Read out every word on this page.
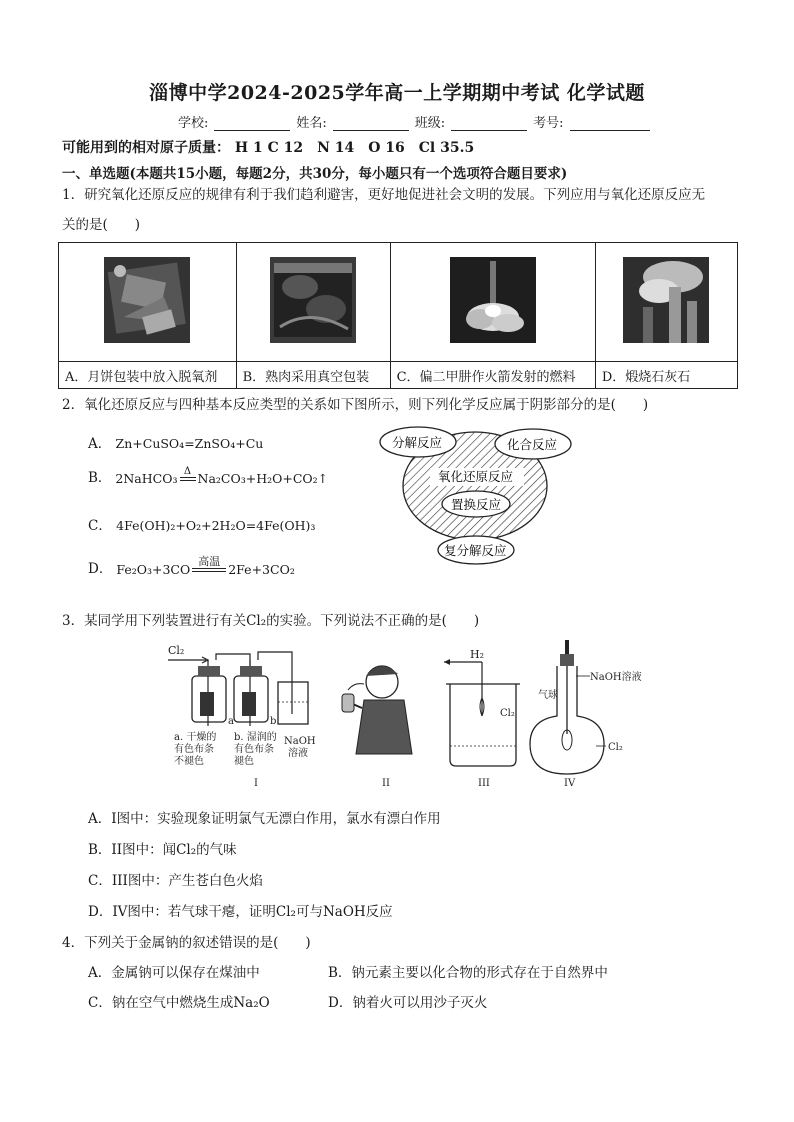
淄博中学2024-2025学年高一上学期期中考试 化学试题
学校:	姓名:	班级:	考号:
可能用到的相对原子质量： H 1 C 12　N 14　O 16　Cl 35.5
一、单选题(本题共15小题，每题2分，共30分，每小题只有一个选项符合题目要求)
1．研究氧化还原反应的规律有利于我们趋利避害，更好地促进社会文明的发展。下列应用与氧化还原反应无
关的是(　　)

A．月饼包装中放入脱氧剂	B．熟肉采用真空包装	C．偏二甲肼作火箭发射的燃料	D．煅烧石灰石
2．氧化还原反应与四种基本反应类型的关系如下图所示，则下列化学反应属于阴影部分的是(　　)
A． Zn+CuSO₄=ZnSO₄+Cu
B． 2NaHCO₃ Δ Na₂CO₃+H₂O+CO₂↑
C． 4Fe(OH)₂+O₂+2H₂O=4Fe(OH)₃
D． Fe₂O₃+3CO
高温
2Fe+3CO₂
分解反应	化合反应
氧化还原反应
置换反应
复分解反应
3．某同学用下列装置进行有关Cl₂的实验。下列说法不正确的是(　　)
Cl₂
a	b
a. 干燥的
有色布条
不褪色
b. 湿润的
有色布条
褪色
NaOH
溶液
I	II
H₂
Cl₂
III
NaOH溶液
气球
Cl₂
IV
A．I图中：实验现象证明氯气无漂白作用，氯水有漂白作用
B．II图中：闻Cl₂的气味
C．III图中：产生苍白色火焰
D．IV图中：若气球干瘪，证明Cl₂可与NaOH反应
4．下列关于金属钠的叙述错误的是(　　)
A．金属钠可以保存在煤油中	B．钠元素主要以化合物的形式存在于自然界中
C．钠在空气中燃烧生成Na₂O	D．钠着火可以用沙子灭火
